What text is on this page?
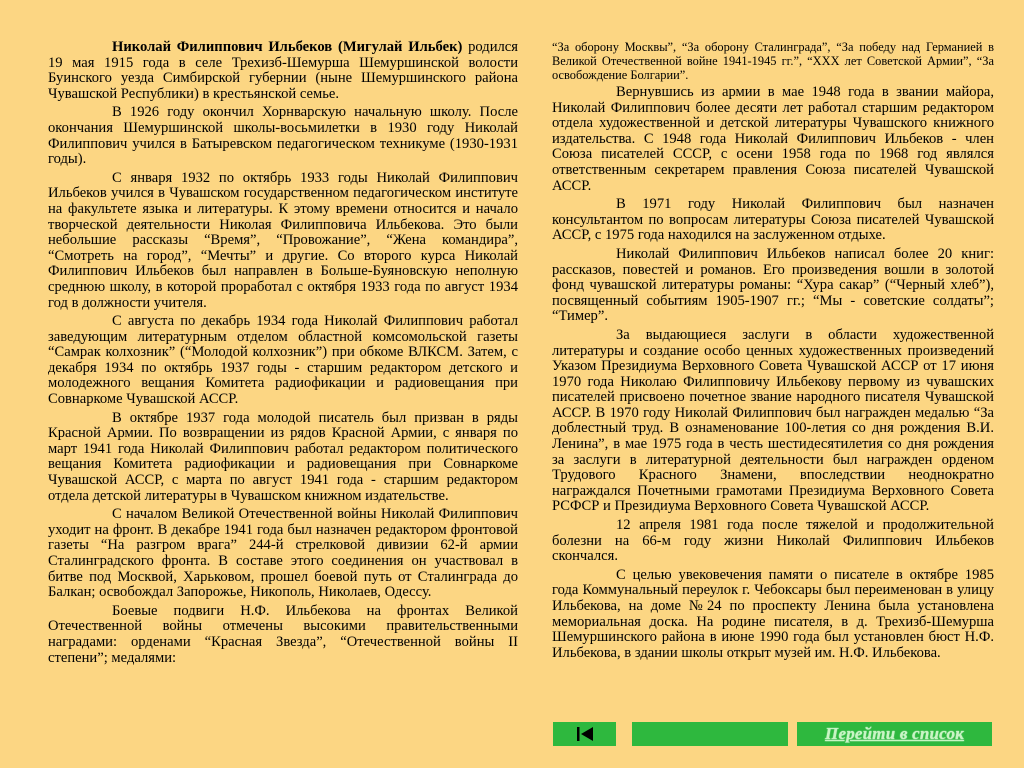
Николай Филиппович Ильбеков (Мигулай Ильбек) родился 19 мая 1915 года в селе Трехизб-Шемурша Шемуршинской волости Буинского уезда Симбирской губернии (ныне Шемуршинского района Чувашской Республики) в крестьянской семье.

В 1926 году окончил Хорнварскую начальную школу. После окончания Шемуршинской школы-восьмилетки в 1930 году Николай Филиппович учился в Батыревском педагогическом техникуме (1930-1931 годы).

С января 1932 по октябрь 1933 годы Николай Филиппович Ильбеков учился в Чувашском государственном педагогическом институте на факультете языка и литературы. К этому времени относится и начало творческой деятельности Николая Филипповича Ильбекова. Это были небольшие рассказы “Время”, “Провожание”, “Жена командира”, “Смотреть на город”, “Мечты” и другие. Со второго курса Николай Филиппович Ильбеков был направлен в Больше-Буяновскую неполную среднюю школу, в которой проработал с октября 1933 года по август 1934 год в должности учителя.

С августа по декабрь 1934 года Николай Филиппович работал заведующим литературным отделом областной комсомольской газеты “Самрак колхозник” (“Молодой колхозник”) при обкоме ВЛКСМ. Затем, с декабря 1934 по октябрь 1937 годы - старшим редактором детского и молодежного вещания Комитета радиофикации и радиовещания при Совнаркоме Чувашской АССР.

В октябре 1937 года молодой писатель был призван в ряды Красной Армии. По возвращении из рядов Красной Армии, с января по март 1941 года Николай Филиппович работал редактором политического вещания Комитета радиофикации и радиовещания при Совнаркоме Чувашской АССР, с марта по август 1941 года - старшим редактором отдела детской литературы в Чувашском книжном издательстве.

С началом Великой Отечественной войны Николай Филиппович уходит на фронт. В декабре 1941 года был назначен редактором фронтовой газеты “На разгром врага” 244-й стрелковой дивизии 62-й армии Сталинградского фронта. В составе этого соединения он участвовал в битве под Москвой, Харьковом, прошел боевой путь от Сталинграда до Балкан; освобождал Запорожье, Никополь, Николаев, Одессу.

Боевые подвиги Н.Ф. Ильбекова на фронтах Великой Отечественной войны отмечены высокими правительственными наградами: орденами “Красная Звезда”, “Отечественной войны II степени”; медалями:

“За оборону Москвы”, “За оборону Сталинграда”, “За победу над Германией в Великой Отечественной войне 1941-1945 гг.”, “XXX лет Советской Армии”, “За освобождение Болгарии”.

Вернувшись из армии в мае 1948 года в звании майора, Николай Филиппович более десяти лет работал старшим редактором отдела художественной и детской литературы Чувашского книжного издательства. С 1948 года Николай Филиппович Ильбеков - член Союза писателей СССР, с осени 1958 года по 1968 год являлся ответственным секретарем правления Союза писателей Чувашской АССР.

В 1971 году Николай Филиппович был назначен консультантом по вопросам литературы Союза писателей Чувашской АССР, с 1975 года находился на заслуженном отдыхе.

Николай Филиппович Ильбеков написал более 20 книг: рассказов, повестей и романов. Его произведения вошли в золотой фонд чувашской литературы романы: “Хура сакар” (“Черный хлеб”), посвященный событиям 1905-1907 гг.; “Мы - советские солдаты”; “Тимер”.

За выдающиеся заслуги в области художественной литературы и создание особо ценных художественных произведений Указом Президиума Верховного Совета Чувашской АССР от 17 июня 1970 года Николаю Филипповичу Ильбекову первому из чувашских писателей присвоено почетное звание народного писателя Чувашской АССР. В 1970 году Николай Филиппович был награжден медалью “За доблестный труд. В ознаменование 100-летия со дня рождения В.И. Ленина”, в мае 1975 года в честь шестидесятилетия со дня рождения за заслуги в литературной деятельности был награжден орденом Трудового Красного Знамени, впоследствии неоднократно награждался Почетными грамотами Президиума Верховного Совета РСФСР и Президиума Верховного Совета Чувашской АССР.

12 апреля 1981 года после тяжелой и продолжительной болезни на 66-м году жизни Николай Филиппович Ильбеков скончался.

С целью увековечения памяти о писателе в октябре 1985 года Коммунальный переулок г. Чебоксары был переименован в улицу Ильбекова, на доме №24 по проспекту Ленина была установлена мемориальная доска. На родине писателя, в д. Трехизб-Шемурша Шемуршинского района в июне 1990 года был установлен бюст Н.Ф. Ильбекова, в здании школы открыт музей им. Н.Ф. Ильбекова.

Перейти в список
